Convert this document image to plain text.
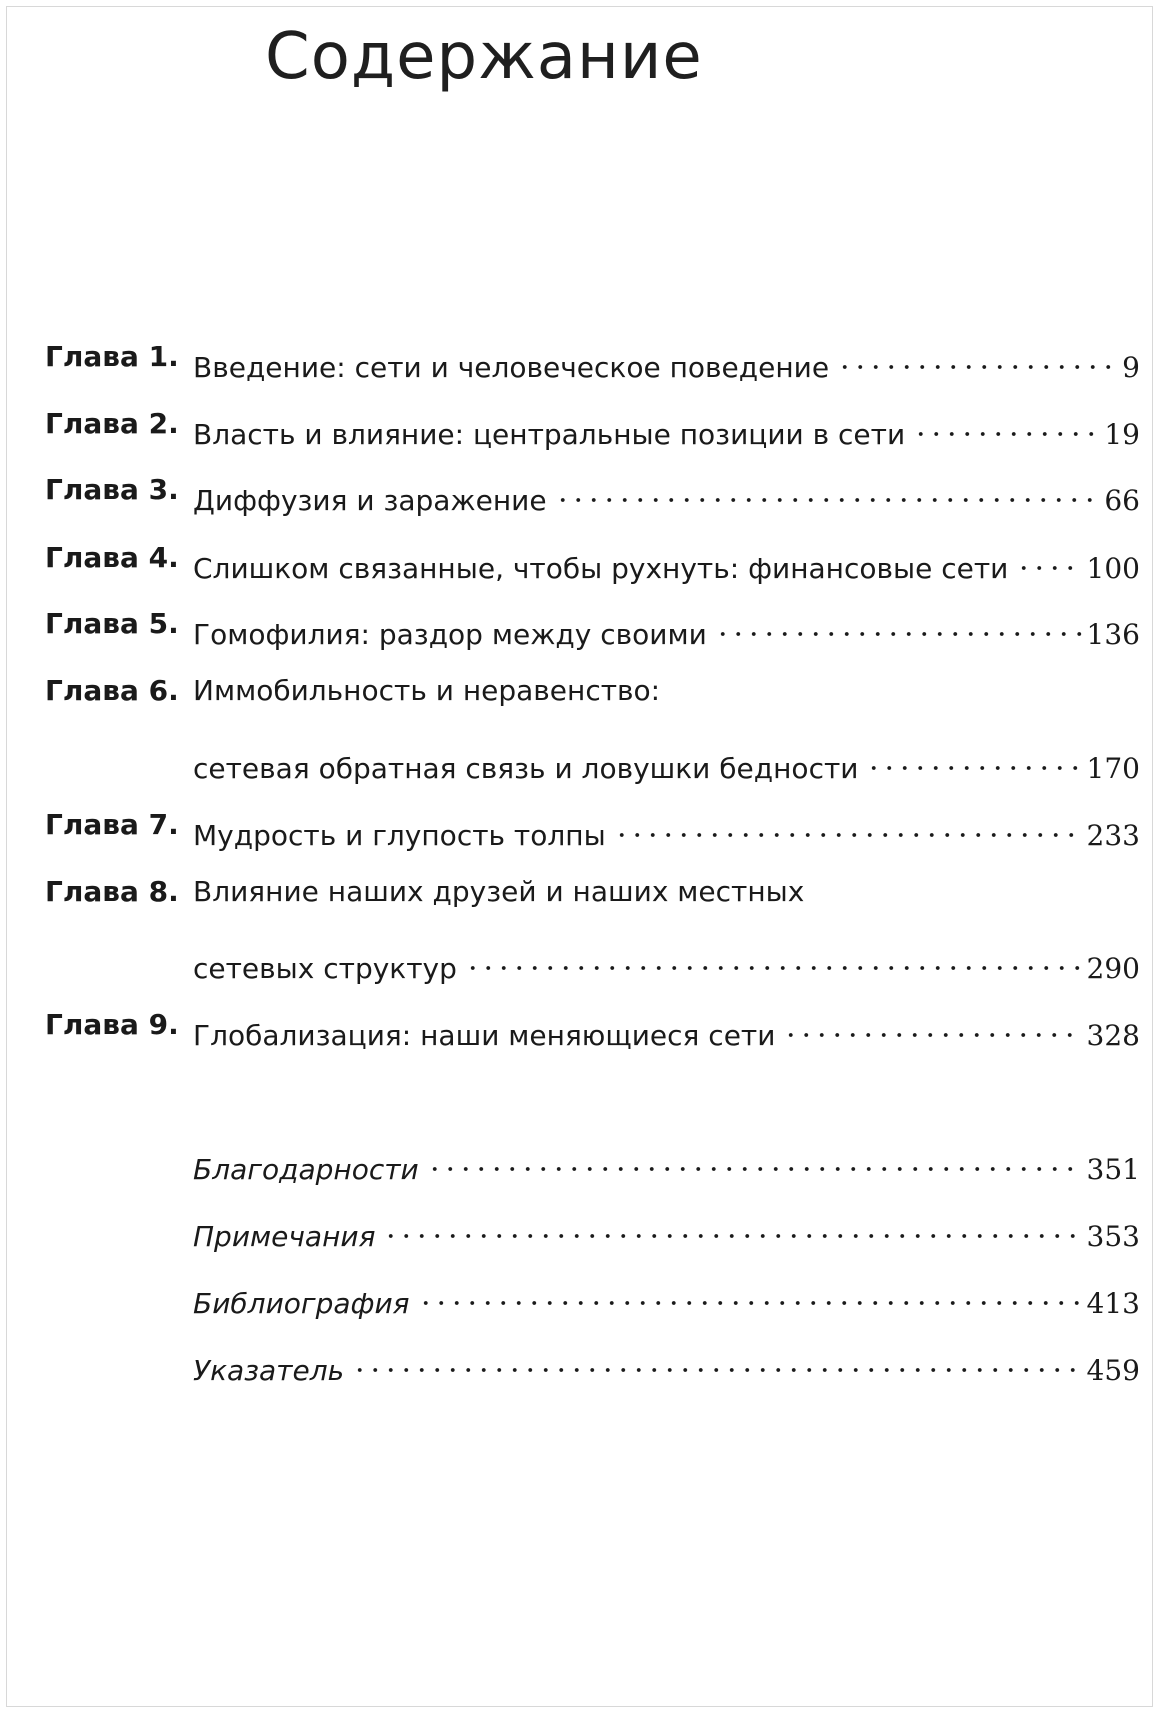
Содержание
Глава 1. Введение: сети и человеческое поведение	9
Глава 2. Власть и влияние: центральные позиции в сети	19
Глава 3. Диффузия и заражение	66
Глава 4. Слишком связанные, чтобы рухнуть: финансовые сети	100
Глава 5. Гомофилия: раздор между своими	136
Глава 6. Иммобильность и неравенство:
сетевая обратная связь и ловушки бедности	170
Глава 7. Мудрость и глупость толпы	233
Глава 8. Влияние наших друзей и наших местных
сетевых структур	290
Глава 9. Глобализация: наши меняющиеся сети	328
Благодарности	351
Примечания	353
Библиография	413
Указатель	459
